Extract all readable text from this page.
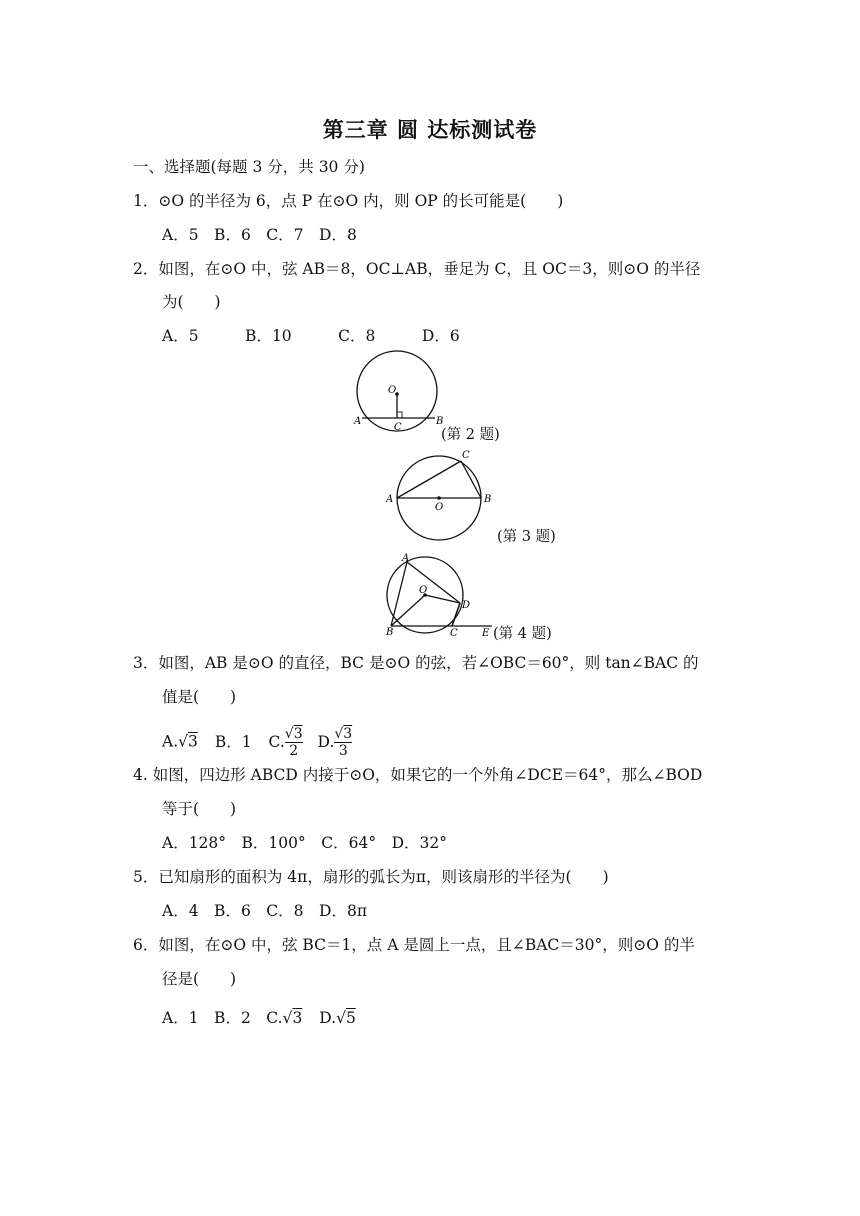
第三章 圆 达标测试卷
一、选择题(每题 3 分，共 30 分)
1．⊙O 的半径为 6，点 P 在⊙O 内，则 OP 的长可能是(　　)
A．5　B．6　C．7　D．8
2．如图，在⊙O 中，弦 AB＝8，OC⊥AB，垂足为 C，且 OC＝3，则⊙O 的半径
为(　　)
A．5　　　B．10　　　C．8　　　D．6
O
A	B
C	(第 2 题)
A	B
C
O
(第 3 题)
A
O
D
B	C E (第 4 题)
3．如图，AB 是⊙O 的直径，BC 是⊙O 的弦，若∠OBC＝60°，则 tan∠BAC 的
值是(　　)
A.√3 B．1 C. $\frac{√3}{2} D$. $\frac{√3}{3}$
4. 如图，四边形 ABCD 内接于⊙O，如果它的一个外角∠DCE＝64°，那么∠BOD
等于(　　)
A．128°　B．100°　C．64°　D．32°
5．已知扇形的面积为 4π，扇形的弧长为π，则该扇形的半径为(　　)
A．4　B．6　C．8　D．8π
6．如图，在⊙O 中，弦 BC＝1，点 A 是圆上一点，且∠BAC＝30°，则⊙O 的半
径是(　　)
A．1　B．2　C.√3 D.√5
